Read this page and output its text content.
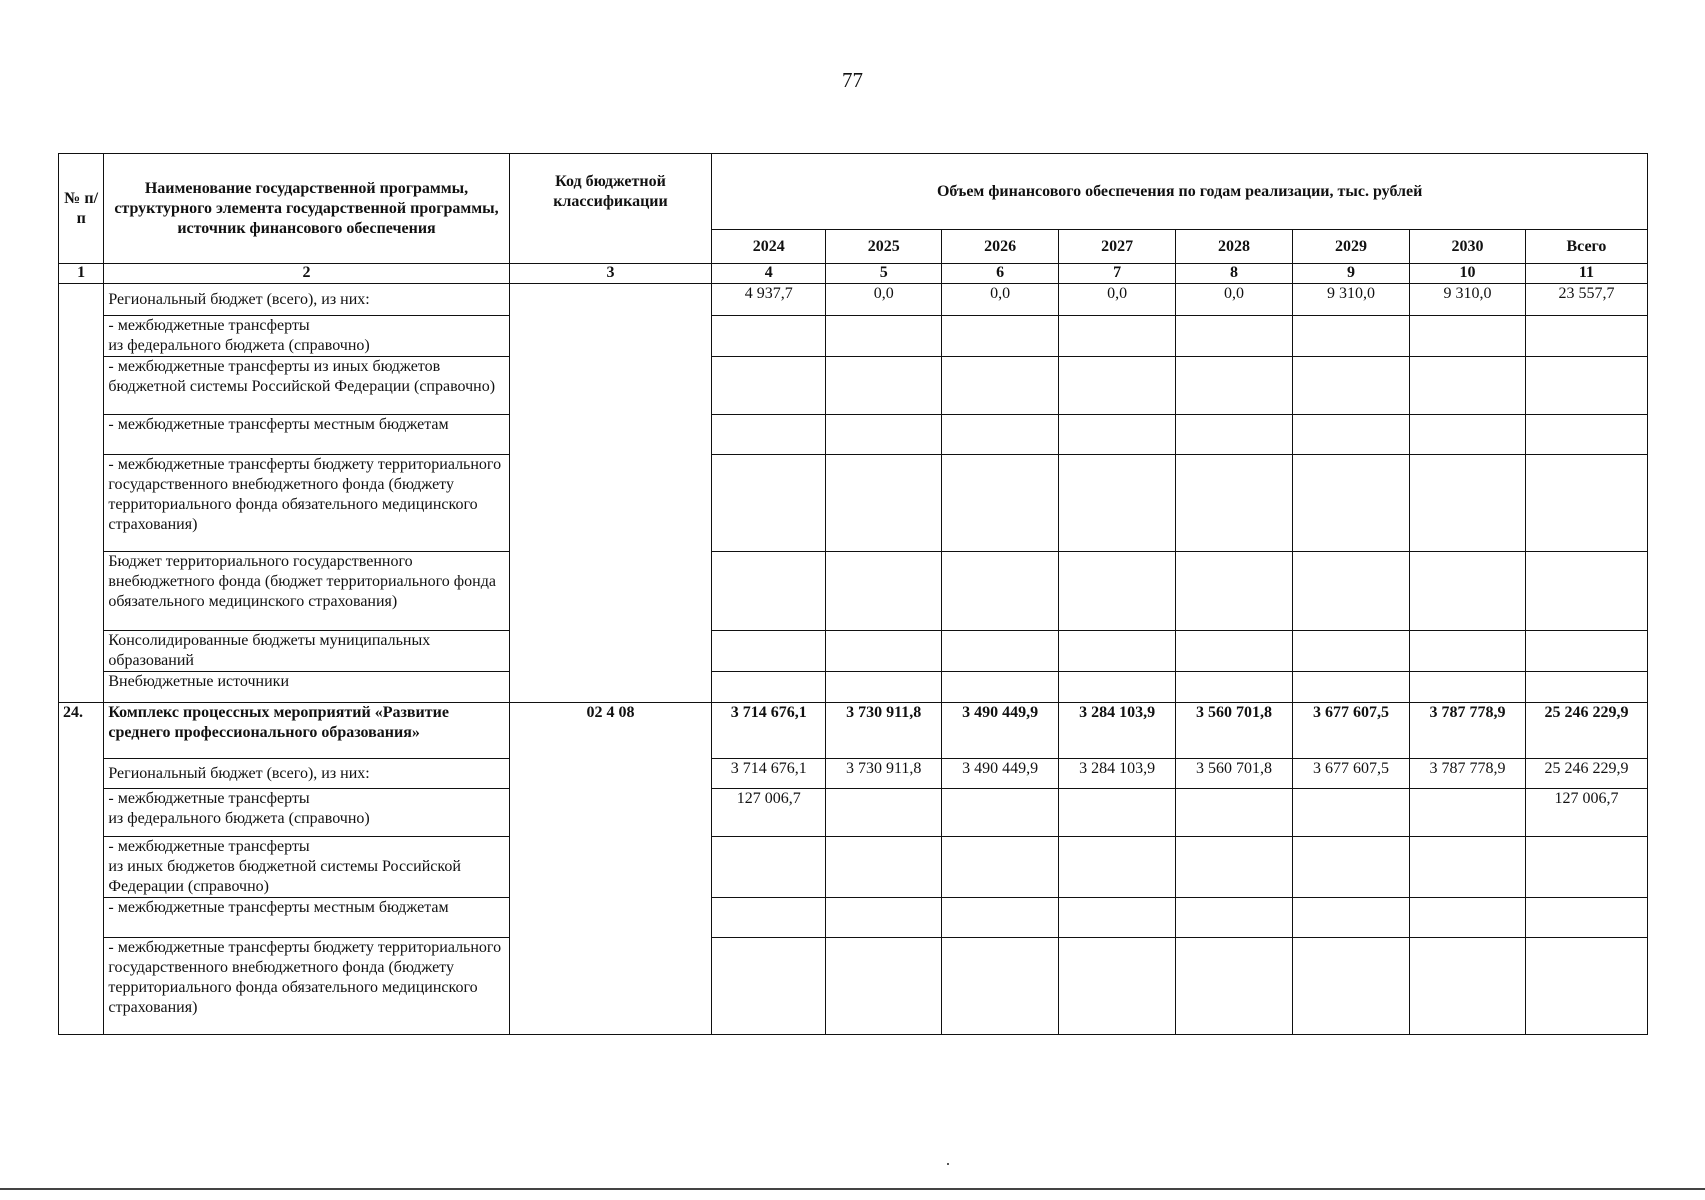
77
№ п/п	Наименование государственной программы, структурного элемента государственной программы, источник финансового обеспечения	Код бюджетной классификации	Объем финансового обеспечения по годам реализации, тыс. рублей							
			2024	2025	2026	2027	2028	2029	2030	Всего
1	2	3	4	5	6	7	8	9	10	11
	Региональный бюджет (всего), из них:		4 937,7	0,0	0,0	0,0	0,0	9 310,0	9 310,0	23 557,7
	- межбюджетные трансферты
из федерального бюджета (справочно)									
	- межбюджетные трансферты из иных бюджетов бюджетной системы Российской Федерации (справочно)									
	- межбюджетные трансферты местным бюджетам									
	- межбюджетные трансферты бюджету территориального государственного внебюджетного фонда (бюджету территориального фонда обязательного медицинского страхования)									
	Бюджет территориального государственного внебюджетного фонда (бюджет территориального фонда обязательного медицинского страхования)									
	Консолидированные бюджеты муниципальных образований									
	Внебюджетные источники									
24.	Комплекс процессных мероприятий «Развитие среднего профессионального образования»	02 4 08	3 714 676,1	3 730 911,8	3 490 449,9	3 284 103,9	3 560 701,8	3 677 607,5	3 787 778,9	25 246 229,9
	Региональный бюджет (всего), из них:		3 714 676,1	3 730 911,8	3 490 449,9	3 284 103,9	3 560 701,8	3 677 607,5	3 787 778,9	25 246 229,9
	- межбюджетные трансферты
из федерального бюджета (справочно)		127 006,7							127 006,7
	- межбюджетные трансферты
из иных бюджетов бюджетной системы Российской Федерации (справочно)									
	- межбюджетные трансферты местным бюджетам									
	- межбюджетные трансферты бюджету территориального государственного внебюджетного фонда (бюджету территориального фонда обязательного медицинского страхования)									
